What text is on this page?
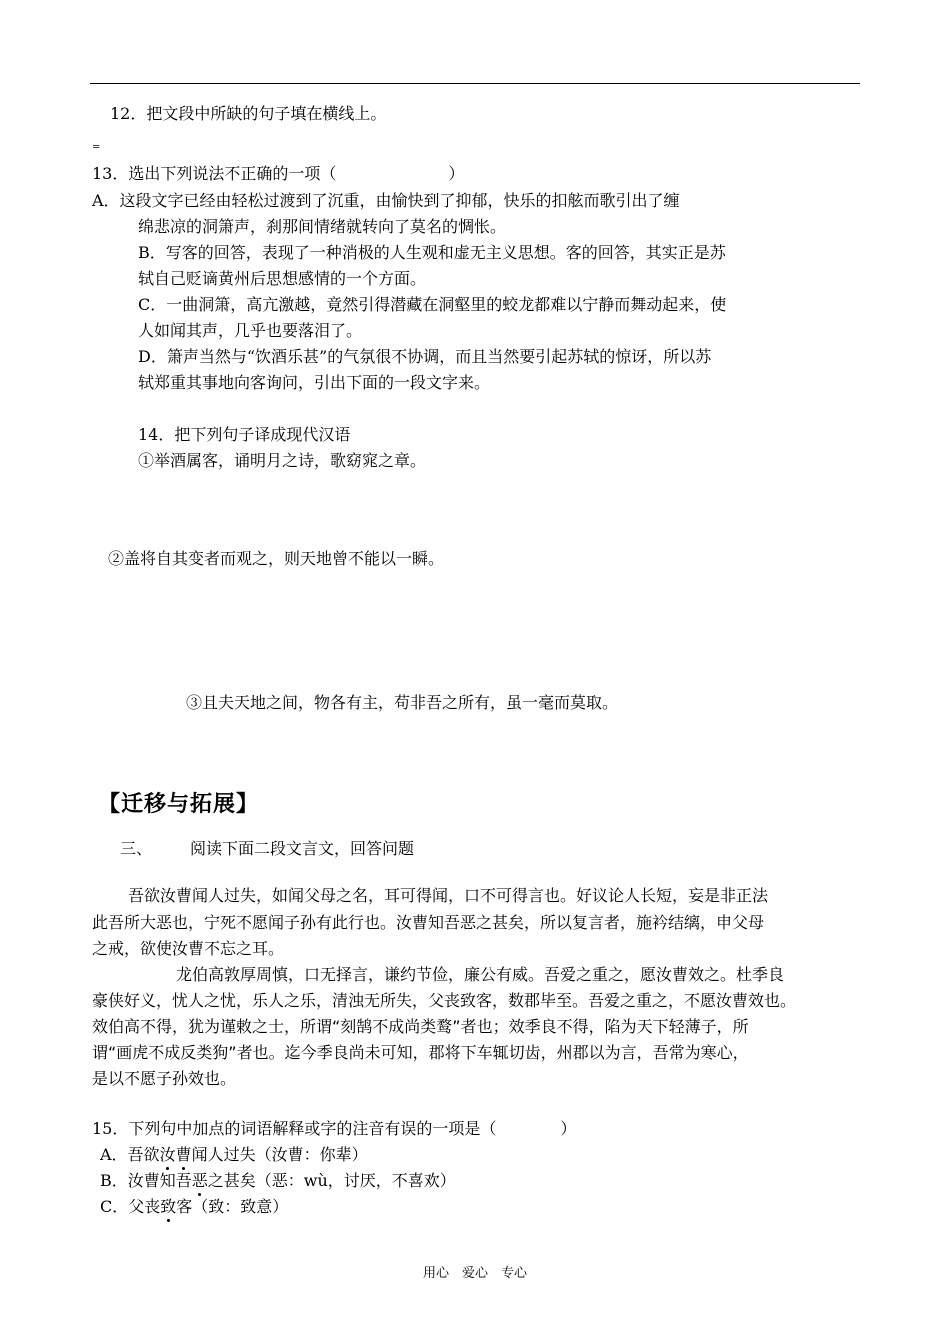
12．把文段中所缺的句子填在横线上。
=
13．选出下列说法不正确的一项（　　　　　　　）
A．这段文字已经由轻松过渡到了沉重，由愉快到了抑郁，快乐的扣舷而歌引出了缠
绵悲凉的洞箫声，刹那间情绪就转向了莫名的惆怅。
B．写客的回答，表现了一种消极的人生观和虚无主义思想。客的回答，其实正是苏
轼自己贬谪黄州后思想感情的一个方面。
C．一曲洞箫，高亢激越，竟然引得潜藏在洞壑里的蛟龙都难以宁静而舞动起来，使
人如闻其声，几乎也要落泪了。
D．箫声当然与“饮酒乐甚”的气氛很不协调，而且当然要引起苏轼的惊讶，所以苏
轼郑重其事地向客询问，引出下面的一段文字来。
14．把下列句子译成现代汉语
①举酒属客，诵明月之诗，歌窈窕之章。
②盖将自其变者而观之，则天地曾不能以一瞬。
③且夫天地之间，物各有主，苟非吾之所有，虽一毫而莫取。
【迁移与拓展】
三、 阅读下面二段文言文，回答问题
吾欲汝曹闻人过失，如闻父母之名，耳可得闻，口不可得言也。好议论人长短，妄是非正法
此吾所大恶也，宁死不愿闻子孙有此行也。汝曹知吾恶之甚矣，所以复言者，施衿结缡，申父母
之戒，欲使汝曹不忘之耳。
龙伯高敦厚周慎，口无择言，谦约节俭，廉公有威。吾爱之重之，愿汝曹效之。杜季良
豪侠好义，忧人之忧，乐人之乐，清浊无所失，父丧致客，数郡毕至。吾爱之重之，不愿汝曹效也。
效伯高不得，犹为谨敕之士，所谓“刻鹄不成尚类鹜”者也；效季良不得，陷为天下轻薄子，所
谓“画虎不成反类狗”者也。迄今季良尚未可知，郡将下车辄切齿，州郡以为言，吾常为寒心，
是以不愿子孙效也。
15．下列句中加点的词语解释或字的注音有误的一项是（　　　　）
A．吾欲汝曹闻人过失（汝曹：你辈）
B．汝曹知吾恶之甚矣（恶：wù，讨厌，不喜欢）
C．父丧致客（致：致意）
用心　爱心　专心
